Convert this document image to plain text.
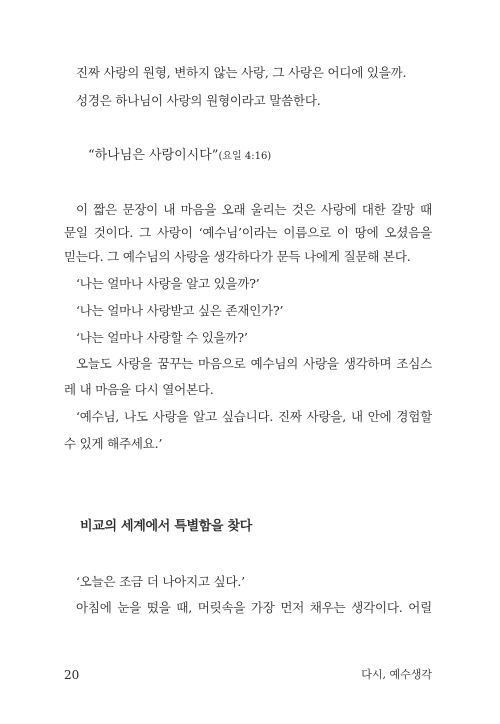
진짜 사랑의 원형, 변하지 않는 사랑, 그 사랑은 어디에 있을까.
성경은 하나님이 사랑의 원형이라고 말씀한다.
“하나님은 사랑이시다”(요일 4:16)
이 짧은 문장이 내 마음을 오래 울리는 것은 사랑에 대한 갈망 때
문일 것이다. 그 사랑이 ‘예수님’이라는 이름으로 이 땅에 오셨음을
믿는다. 그 예수님의 사랑을 생각하다가 문득 나에게 질문해 본다.
‘나는 얼마나 사랑을 알고 있을까?’
‘나는 얼마나 사랑받고 싶은 존재인가?’
‘나는 얼마나 사랑할 수 있을까?’
오늘도 사랑을 꿈꾸는 마음으로 예수님의 사랑을 생각하며 조심스
레 내 마음을 다시 열어본다.
‘예수님, 나도 사랑을 알고 싶습니다. 진짜 사랑을, 내 안에 경험할
수 있게 해주세요.’
비교의 세계에서 특별함을 찾다
‘오늘은 조금 더 나아지고 싶다.’
아침에 눈을 떴을 때, 머릿속을 가장 먼저 채우는 생각이다. 어릴
20	다시, 예수생각
